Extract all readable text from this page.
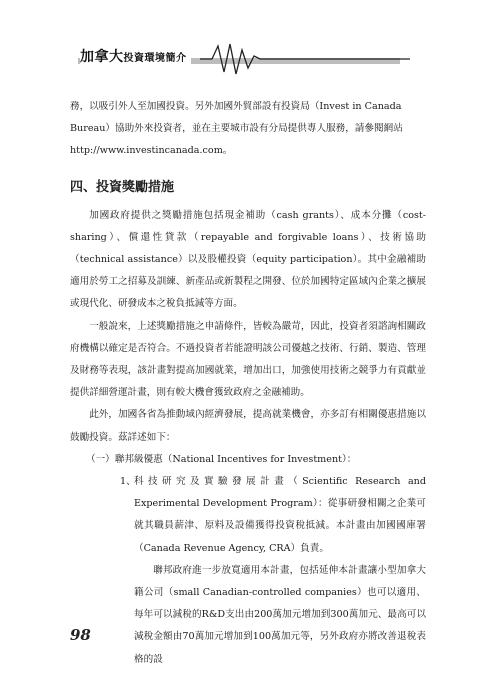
加拿大投資環境簡介

務，以吸引外人至加國投資。另外加國外貿部設有投資局（Invest in Canada
Bureau）協助外來投資者，並在主要城市設有分局提供專人服務，請參閱網站
http://www.investincanada.com。

四、投資獎勵措施

加國政府提供之獎勵措施包括現金補助（cash grants）、成本分攤（cost-sharing）、償還性貸款（repayable and forgivable loans）、技術協助（technical assistance）以及股權投資（equity participation）。其中金融補助適用於勞工之招募及訓練、新產品或新製程之開發、位於加國特定區域內企業之擴展或現代化、研發成本之稅負抵減等方面。

一般說來，上述獎勵措施之申請條件，皆較為嚴苛，因此，投資者須諮詢相關政府機構以確定是否符合。不過投資者若能證明該公司優越之技術、行銷、製造、管理及財務等表現，該計畫對提高加國就業，增加出口，加強使用技術之競爭力有貢獻並提供詳細營運計畫，則有較大機會獲致政府之金融補助。

此外，加國各省為推動域內經濟發展，提高就業機會，亦多訂有相關優惠措施以鼓勵投資。茲詳述如下：

（一）聯邦級優惠（National Incentives for Investment）：

1、
科技研究及實驗發展計畫（Scientific Research and Experimental Development Program）：從事研發相關之企業可就其職員薪津、原料及設備獲得投資稅抵減。本計畫由加國國庫署（Canada Revenue Agency, CRA）負責。

聯邦政府進一步放寬適用本計畫，包括延伸本計畫讓小型加拿大籍公司（small Canadian-controlled companies）也可以適用、每年可以減稅的R&D支出由200萬加元增加到300萬加元、最高可以減稅金額由70萬加元增加到100萬加元等，另外政府亦將改善退稅表格的設

98
